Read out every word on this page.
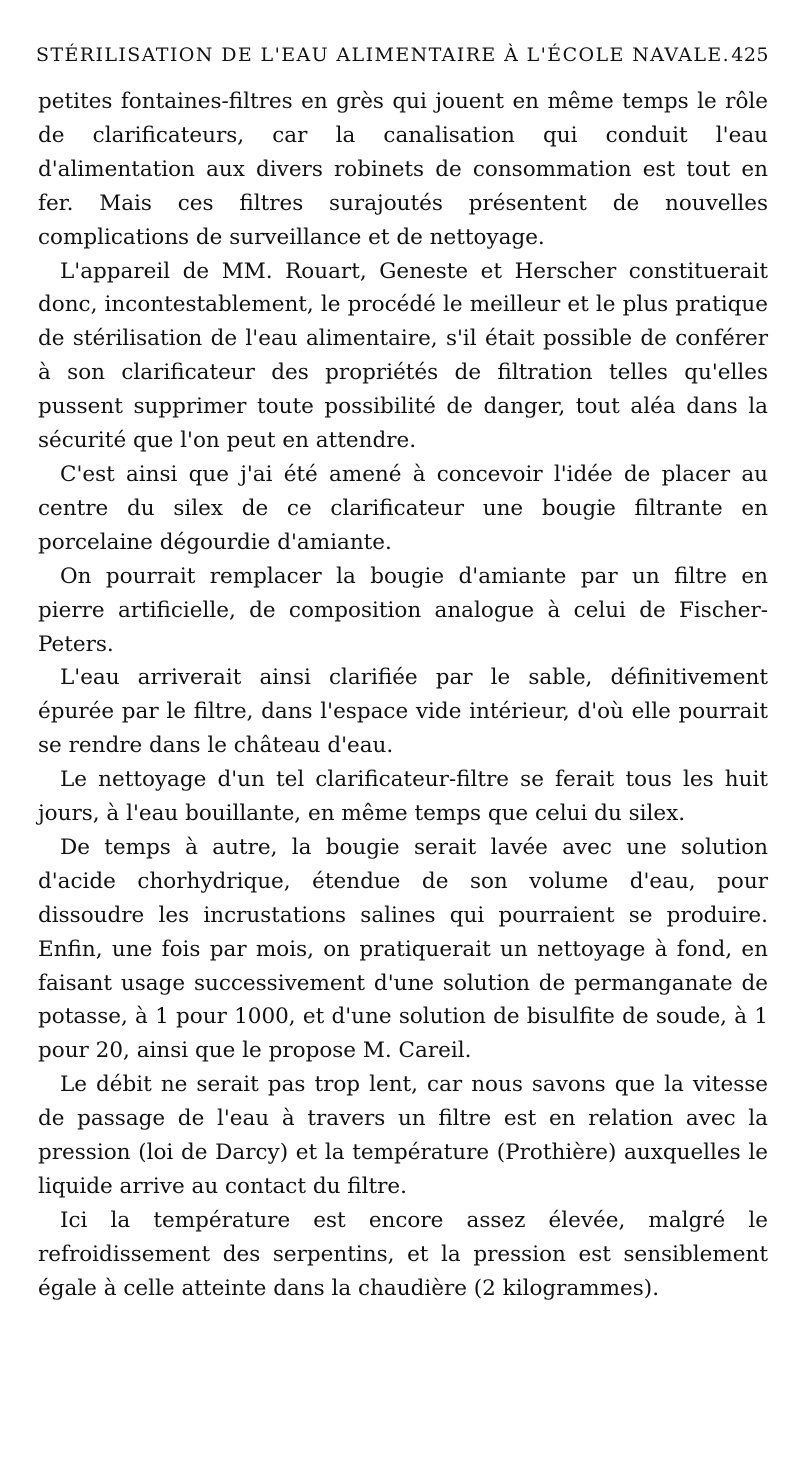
STÉRILISATION DE L'EAU ALIMENTAIRE À L'ÉCOLE NAVALE. 425

petites fontaines-filtres en grès qui jouent en même temps le rôle de clarificateurs, car la canalisation qui conduit l'eau d'alimentation aux divers robinets de consommation est tout en fer. Mais ces filtres surajoutés présentent de nouvelles complications de surveillance et de nettoyage.

L'appareil de MM. Rouart, Geneste et Herscher constituerait donc, incontestablement, le procédé le meilleur et le plus pratique de stérilisation de l'eau alimentaire, s'il était possible de conférer à son clarificateur des propriétés de filtration telles qu'elles pussent supprimer toute possibilité de danger, tout aléa dans la sécurité que l'on peut en attendre.

C'est ainsi que j'ai été amené à concevoir l'idée de placer au centre du silex de ce clarificateur une bougie filtrante en porcelaine dégourdie d'amiante.

On pourrait remplacer la bougie d'amiante par un filtre en pierre artificielle, de composition analogue à celui de Fischer-Peters.

L'eau arriverait ainsi clarifiée par le sable, définitivement épurée par le filtre, dans l'espace vide intérieur, d'où elle pourrait se rendre dans le château d'eau.

Le nettoyage d'un tel clarificateur-filtre se ferait tous les huit jours, à l'eau bouillante, en même temps que celui du silex.

De temps à autre, la bougie serait lavée avec une solution d'acide chorhydrique, étendue de son volume d'eau, pour dissoudre les incrustations salines qui pourraient se produire. Enfin, une fois par mois, on pratiquerait un nettoyage à fond, en faisant usage successivement d'une solution de permanganate de potasse, à 1 pour 1000, et d'une solution de bisulfite de soude, à 1 pour 20, ainsi que le propose M. Careil.

Le débit ne serait pas trop lent, car nous savons que la vitesse de passage de l'eau à travers un filtre est en relation avec la pression (loi de Darcy) et la température (Prothière) auxquelles le liquide arrive au contact du filtre.

Ici la température est encore assez élevée, malgré le refroidissement des serpentins, et la pression est sensiblement égale à celle atteinte dans la chaudière (2 kilogrammes).
